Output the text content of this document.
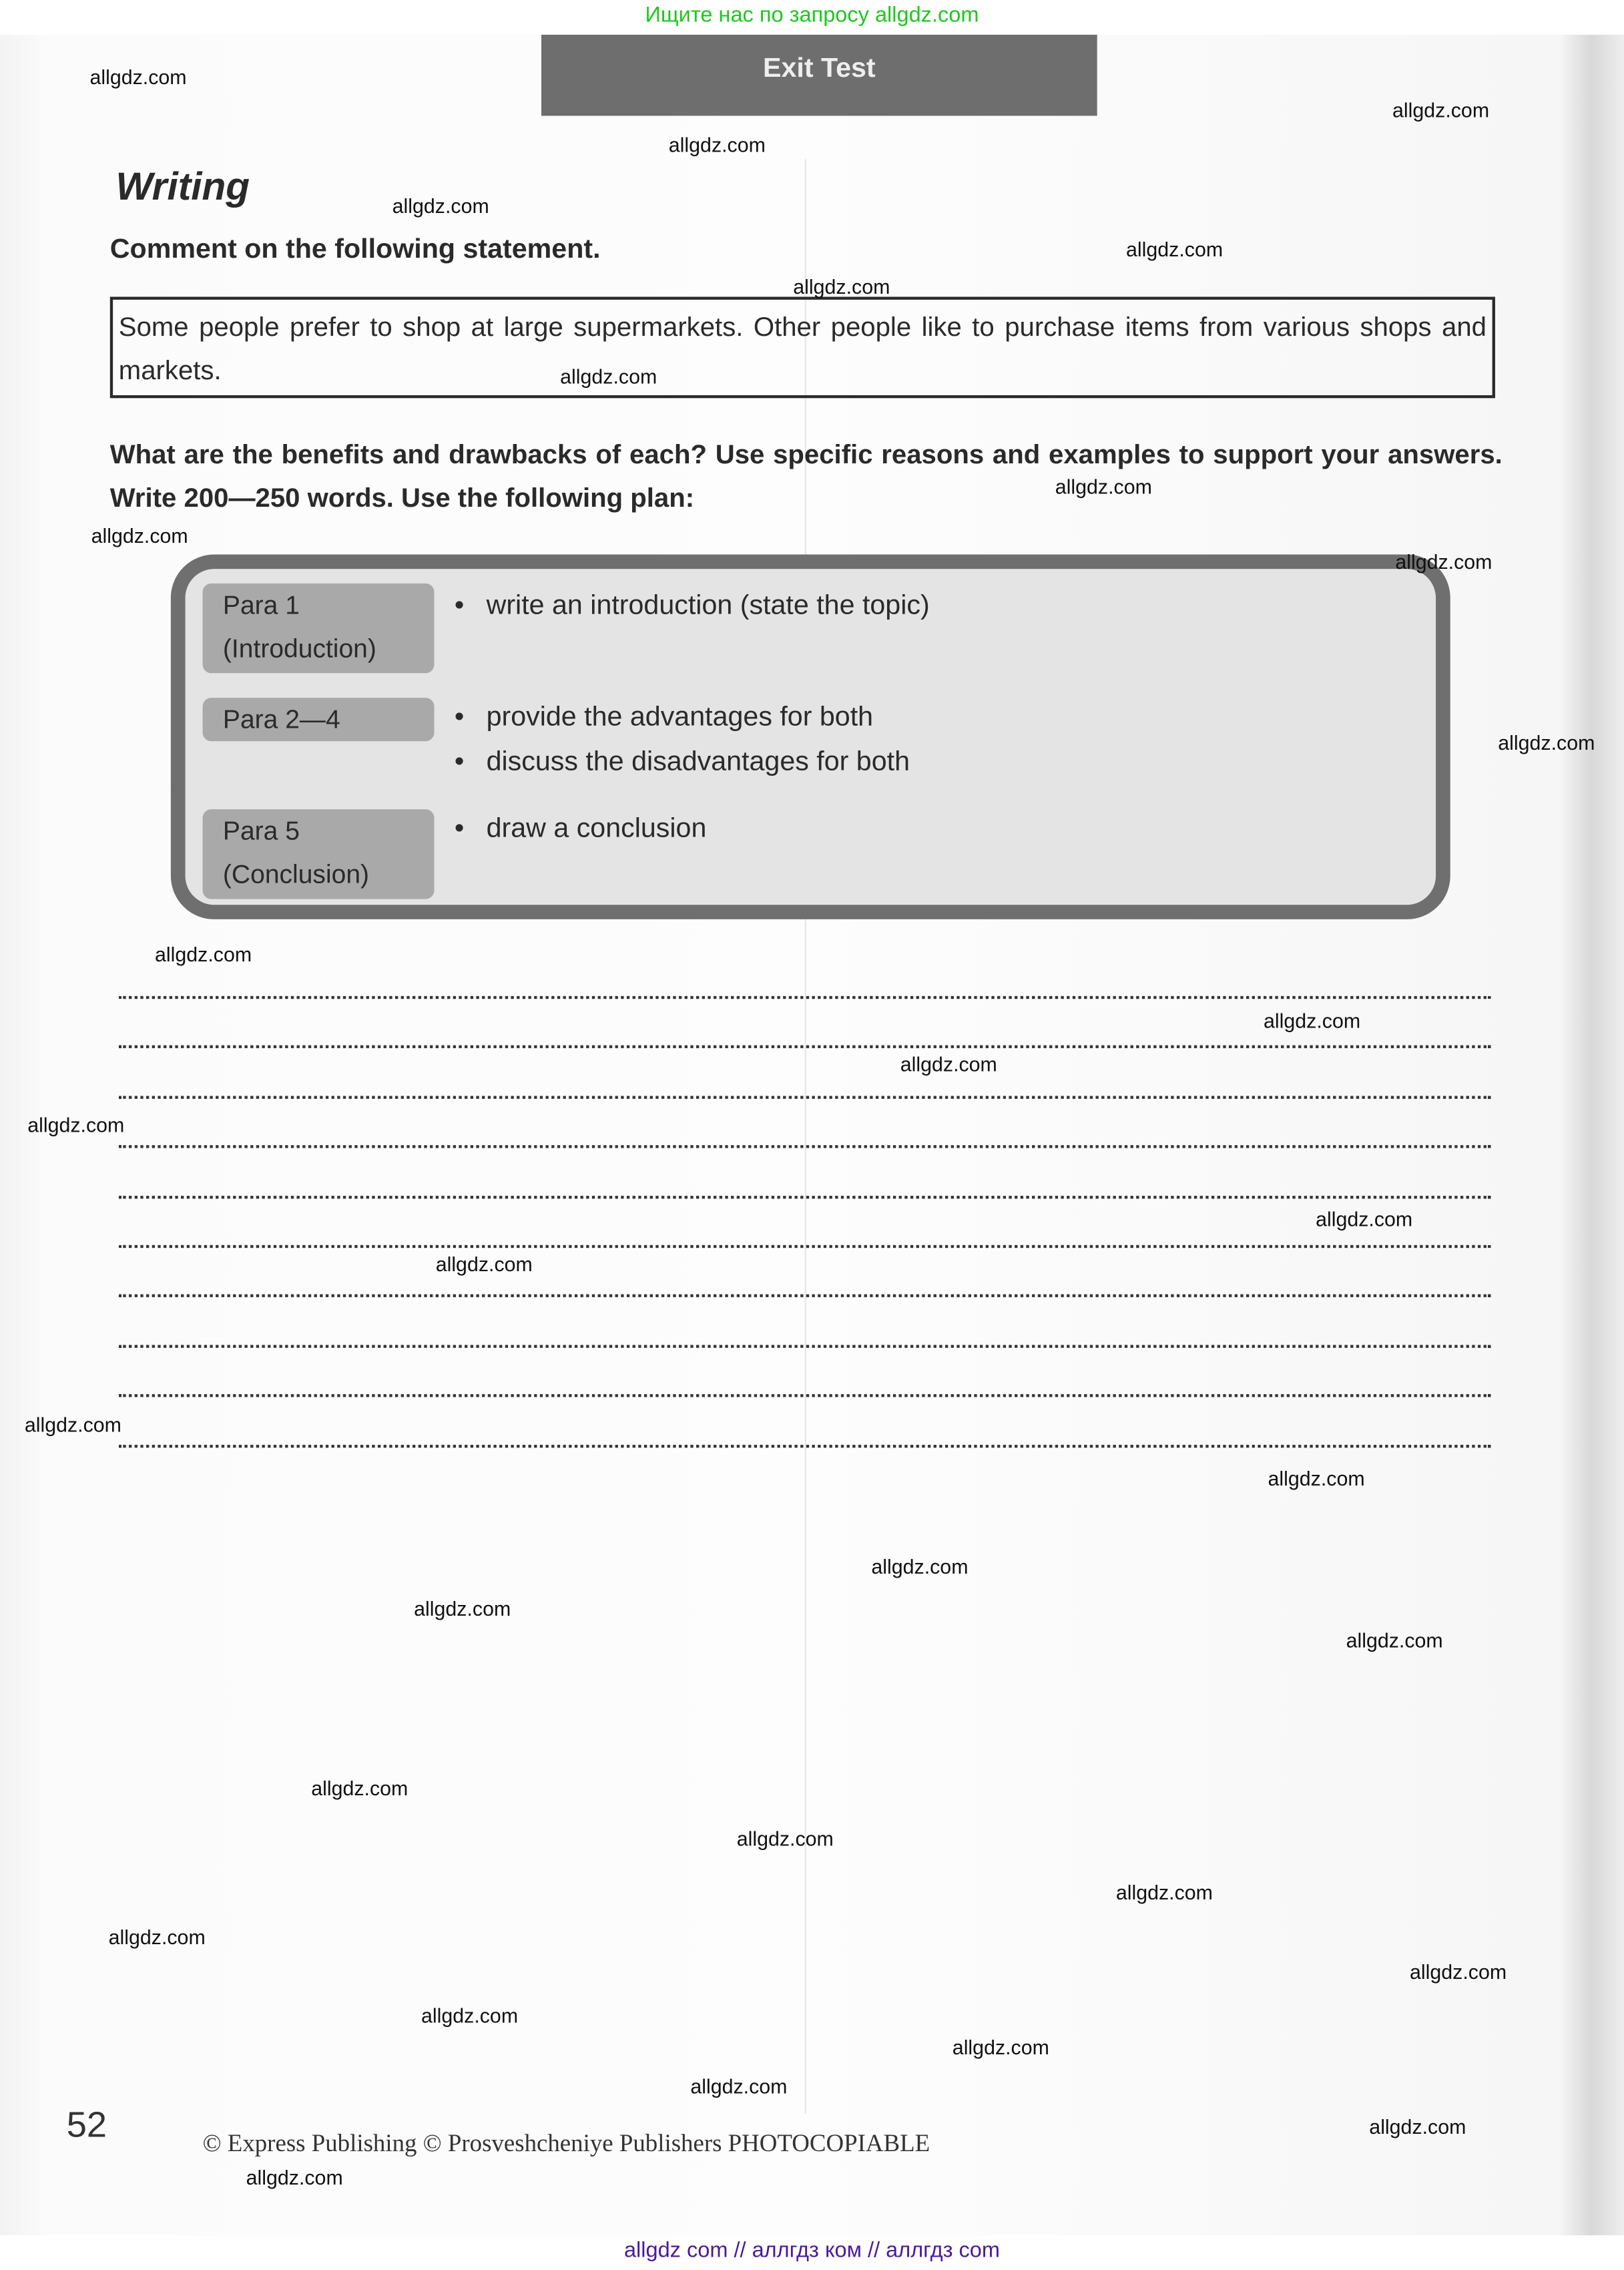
Ищите нас по запросу allgdz.com
Exit Test
Writing
Comment on the following statement.
Some people prefer to shop at large supermarkets. Other people like to purchase items from various shops and markets.
What are the benefits and drawbacks of each? Use specific reasons and examples to support your answers. Write 200—250 words. Use the following plan:
Para 1
(Introduction)
Para 2—4
Para 5
(Conclusion)
• write an introduction (state the topic)
• provide the advantages for both
• discuss the disadvantages for both
• draw a conclusion
52	© Express Publishing © Prosveshcheniye Publishers PHOTOCOPIABLE
allgdz.com
allgdz.com
allgdz.com
allgdz.com
allgdz.com
allgdz.com
allgdz.com
allgdz.com
allgdz.com
allgdz.com
allgdz.com
allgdz.com
allgdz.com
allgdz.com
allgdz.com
allgdz.com
allgdz.com
allgdz.com
allgdz.com
allgdz.com
allgdz.com
allgdz.com
allgdz.com
allgdz.com
allgdz.com
allgdz.com
allgdz.com
allgdz.com
allgdz.com
allgdz.com
allgdz.com
allgdz.com
allgdz com // аллгдз ком // аллгдз com
